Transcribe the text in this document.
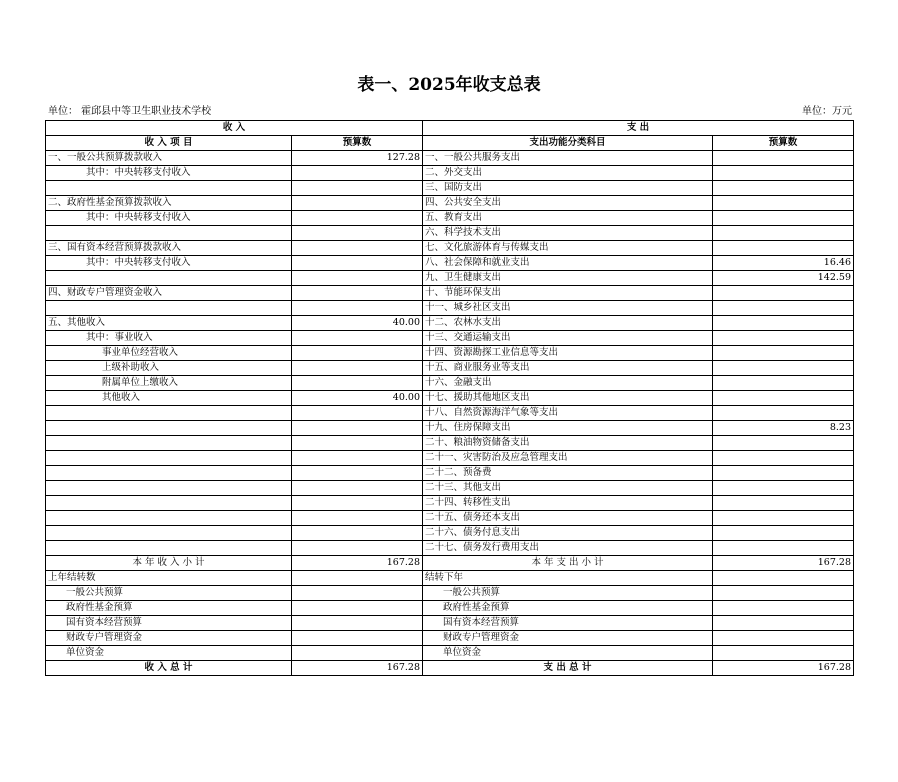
表一、2025年收支总表
单位： 霍邱县中等卫生职业技术学校	单位：万元
收 入		支 出	
收 入 项 目	预算数	支出功能分类科目	预算数
一、一般公共预算拨款收入	127.28	一、一般公共服务支出	
其中：中央转移支付收入		二、外交支出	
		三、国防支出	
二、政府性基金预算拨款收入		四、公共安全支出	
其中：中央转移支付收入		五、教育支出	
		六、科学技术支出	
三、国有资本经营预算拨款收入		七、文化旅游体育与传媒支出	
其中：中央转移支付收入		八、社会保障和就业支出	16.46
		九、卫生健康支出	142.59
四、财政专户管理资金收入		十、节能环保支出	
		十一、城乡社区支出	
五、其他收入	40.00	十二、农林水支出	
其中：事业收入		十三、交通运输支出	
事业单位经营收入		十四、资源勘探工业信息等支出	
上级补助收入		十五、商业服务业等支出	
附属单位上缴收入		十六、金融支出	
其他收入	40.00	十七、援助其他地区支出	
		十八、自然资源海洋气象等支出	
		十九、住房保障支出	8.23
		二十、粮油物资储备支出	
		二十一、灾害防治及应急管理支出	
		二十二、预备费	
		二十三、其他支出	
		二十四、转移性支出	
		二十五、债务还本支出	
		二十六、债务付息支出	
		二十七、债务发行费用支出	
本 年 收 入 小 计	167.28	本 年 支 出 小 计	167.28
上年结转数		结转下年	
一般公共预算		一般公共预算	
政府性基金预算		政府性基金预算	
国有资本经营预算		国有资本经营预算	
财政专户管理资金		财政专户管理资金	
单位资金		单位资金	
收 入 总 计	167.28	支 出 总 计	167.28
